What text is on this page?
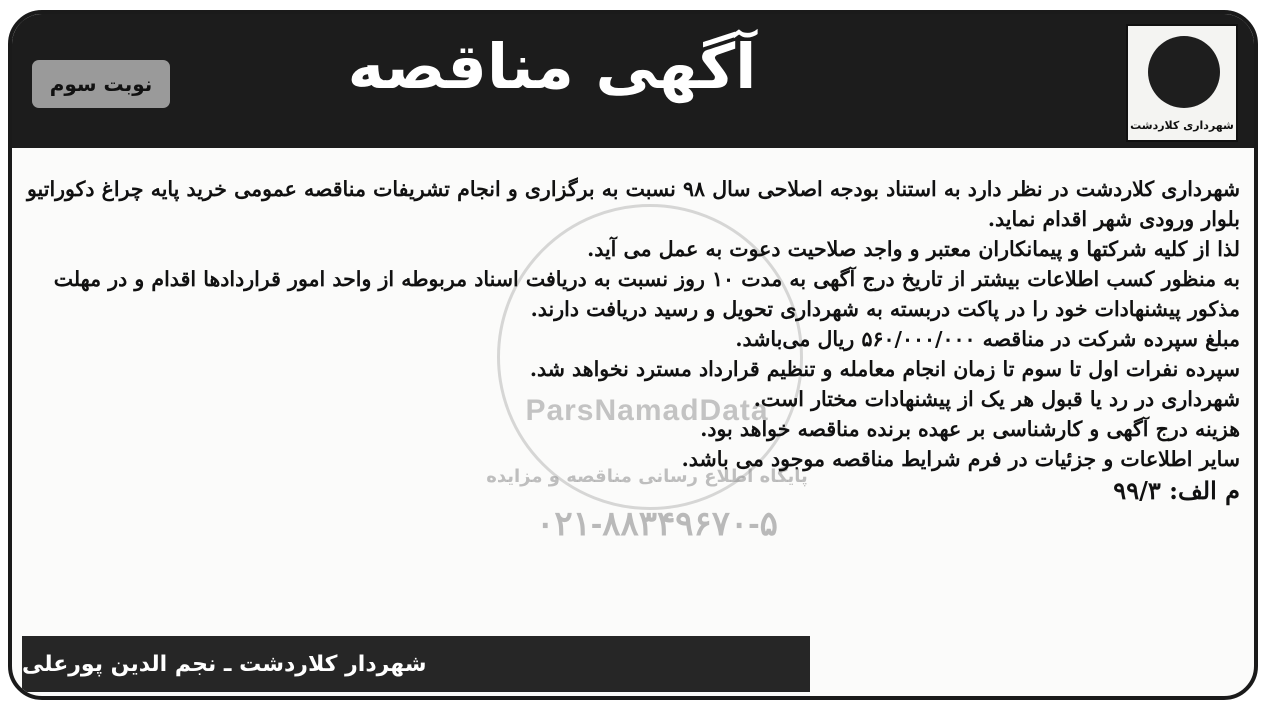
شهرداری کلاردشت
آگهی مناقصه
نوبت سوم
ParsNamadData
پایگاه اطلاع رسانی مناقصه و مزایده
۰۲۱-۸۸۳۴۹۶۷۰-۵

شهرداری کلاردشت در نظر دارد به استناد بودجه اصلاحی سال ۹۸ نسبت به برگزاری و انجام تشریفات مناقصه عمومی خرید پایه چراغ دکوراتیو بلوار ورودی شهر اقدام نماید.

لذا از کلیه شرکتها و پیمانکاران معتبر و واجد صلاحیت دعوت به عمل می آید.

به منظور کسب اطلاعات بیشتر از تاریخ درج آگهی به مدت ۱۰ روز نسبت به دریافت اسناد مربوطه از واحد امور قراردادها اقدام و در مهلت مذکور پیشنهادات خود را در پاکت دربسته به شهرداری تحویل و رسید دریافت دارند.

مبلغ سپرده شرکت در مناقصه ۵۶۰/۰۰۰/۰۰۰ ریال می‌باشد.

سپرده نفرات اول تا سوم تا زمان انجام معامله و تنظیم قرارداد مسترد نخواهد شد.

شهرداری در رد یا قبول هر یک از پیشنهادات مختار است.

هزینه درج آگهی و کارشناسی بر عهده برنده مناقصه خواهد بود.

سایر اطلاعات و جزئیات در فرم شرایط مناقصه موجود می باشد.

م الف: ۹۹/۳
شهردار کلاردشت ـ نجم الدین پورعلی
